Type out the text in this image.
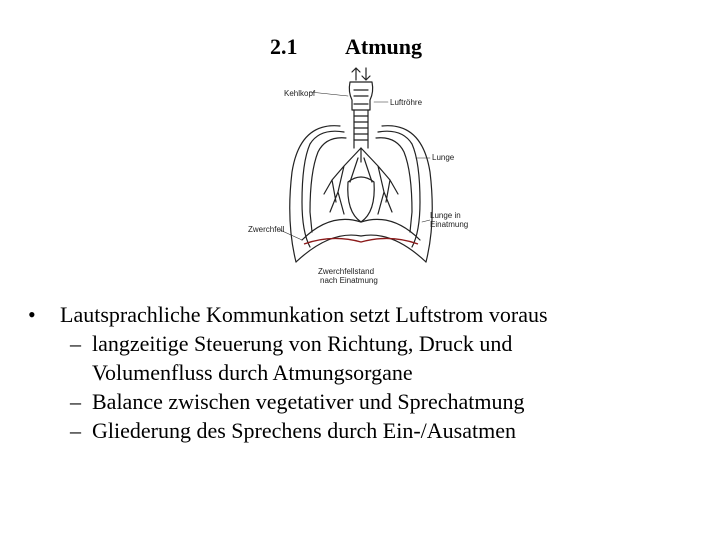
2.1 Atmung
Kehlkopf
Luftröhre
Lunge
Lunge in
Einatmung
Zwerchfell
Zwerchfellstand
nach Einatmung
• Lautsprachliche Kommunkation setzt Luftstrom voraus
– langzeitige Steuerung von Richtung, Druck und
Volumenfluss durch Atmungsorgane
– Balance zwischen vegetativer und Sprechatmung
– Gliederung des Sprechens durch Ein-/Ausatmen
